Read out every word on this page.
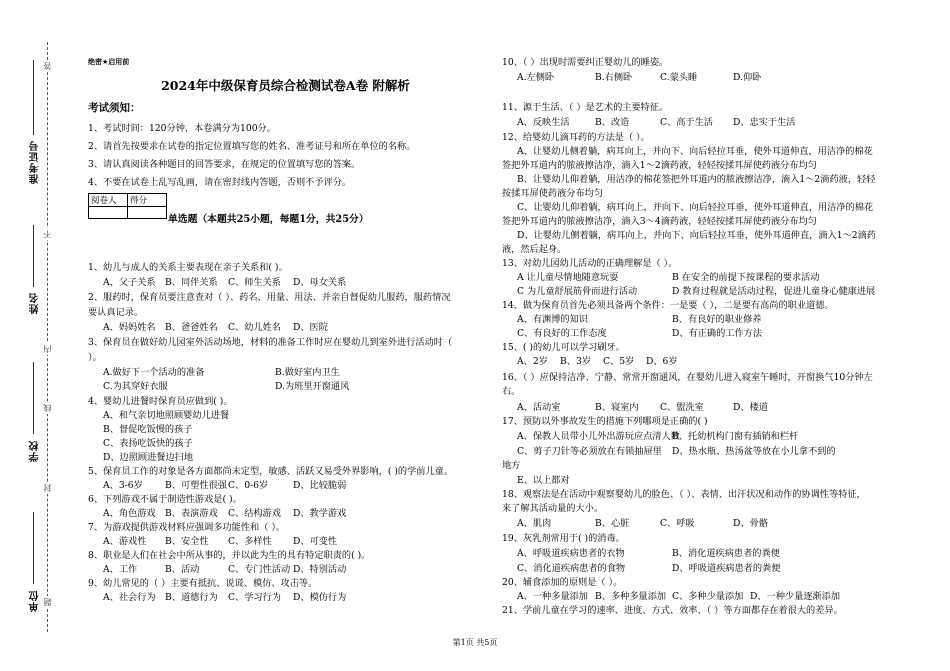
答
不
内
线
封
题
准考证号
姓名
学校
单位
绝密★启用前
2024年中级保育员综合检测试卷A卷 附解析
考试须知：
1、考试时间：120分钟，本卷满分为100分。
2、请首先按要求在试卷的指定位置填写您的姓名、准考证号和所在单位的名称。
3、请认真阅读各种题目的回答要求，在规定的位置填写您的答案。
4、不要在试卷上乱写乱画，请在密封线内答题，否则不予评分。
阅卷人	得分

单选题（本题共25小题，每题1分，共25分）
1、幼儿与成人的关系主要表现在亲子关系和( )。
A、父子关系 B、同伴关系 C、师生关系 D、母女关系
2、服药时，保育员要注意查对（ ）、药名、用量、用法、并亲自督促幼儿服药，服药情况
要认真记录。
A、妈妈姓名 B、爸爸姓名 C、幼儿姓名 D、医院
3、保育员在做好幼儿园室外活动场地，材料的准备工作时应在婴幼儿到室外进行活动时（
）。
A.做好下一个活动的准备	B.做好室内卫生
C.为其穿好衣服	D.为班里开窗通风
4、婴幼儿进餐时保育员应做到( )。
A、和气亲切地照顾婴幼儿进餐
B、督促吃饭慢的孩子
C、表扬吃饭快的孩子
D、边照顾进餐边扫地
5、保育员工作的对象是各方面都尚未定型，敏感、活跃又易受外界影响，( )的学前儿童。
A、3-6岁 B、可塑性很强 C、0-6岁	D、比较脆弱
6、下列游戏不属于制造性游戏是( )。
A、角色游戏 B、表演游戏 C、结构游戏 D、教学游戏
7、为游戏提供游戏材料应强调多功能性和（ ）。
A、游戏性 B、安全性 C、多样性 D、可变性
8、职业是人们在社会中所从事的，并以此为生的具有特定职责的( )。
A、工作	B、活动	C、专门性活动 D、特别活动
9、幼儿常见的（ ）主要有抵抗、说谎、模仿、攻击等。
A、社会行为 B、道德行为 C、学习行为 D、模仿行为
10、（ ）出现时需要纠正婴幼儿的睡姿。
A.左侧卧	B.右侧卧	C.蒙头睡	D.仰卧
11、源于生活、（ ）是艺术的主要特征。
A、反映生活	B、改造	C、高于生活 D、忠实于生活
12、给婴幼儿滴耳药的方法是（ ）。
A、让婴幼儿侧着躺，病耳向上，并向下、向后轻拉耳垂，使外耳道伸直，用洁净的棉花
签把外耳道内的脓液擦洁净，滴入1～2滴药液，轻轻按揉耳屏使药液分布均匀
B、让婴幼儿仰着躺，用洁净的棉花签把外耳道内的脓液擦洁净，滴入1～2滴药液，轻轻
按揉耳屏使药液分布均匀
C、让婴幼儿仰着躺，病耳向上，并向下、向后轻拉耳垂，使外耳道伸直，用洁净的棉花
签把外耳道内的脓液擦洁净，滴入3～4滴药液，轻轻按揉耳屏使药液分布均匀
D、让婴幼儿侧着躺，病耳向上，并向下、向后轻拉耳垂，使外耳道伸直，滴入1～2滴药
液，然后起身。
13、对幼儿园幼儿活动的正确理解是（ ）。
A 让儿童尽情地随意玩耍	B 在安全的前提下按课程的要求活动
C 为儿童舒展筋骨而进行活动	D 教育过程就是活动过程，促进儿童身心健康进展
14、做为保育员首先必须具备两个条件：一是要（ ），二是要有高尚的职业道德。
A、有渊博的知识	B、有良好的职业修养
C、有良好的工作态度	D、有正确的工作方法
15、( )的幼儿可以学习刷牙。
A、2岁 B、3岁 C、5岁 D、6岁
16、（ ）应保持洁净、宁静、常常开窗通风，在婴幼儿进入寝室午睡时，开窗换气10分钟左
右。
A、活动室	B、寝室内 C、盥洗室	D、楼道
17、预防以外事故发生的措施下列哪项是正确的( )
A、保教人员带小儿外出游玩应点清人数
B、托幼机构门窗有插销和栏杆
C、剪子刀针等必须放在有锁抽屉里 D、热水瓶、热汤盆等放在小儿拿不到的
地方
E、以上都对
18、观察法是在活动中观察婴幼儿的脸色、（ ）、表情、出汗状况和动作的协调性等特征，
来了解其活动量的大小。
A、肌肉	B、心脏	C、呼吸	D、骨骼
19、灰乳剂常用于( )的消毒。
A、呼吸道疾病患者的衣物	B、消化道疾病患者的粪便
C、消化道疾病患者的食物	D、呼吸道疾病患者的粪便
20、辅食添加的原则是（ ）。
A、一种多量添加 B、多种多量添加 C、多种少量添加 D、一种少量逐渐添加
21、学前儿童在学习的速率、进度、方式、效率、（ ）等方面都存在着很大的差异。
第1页 共5页
